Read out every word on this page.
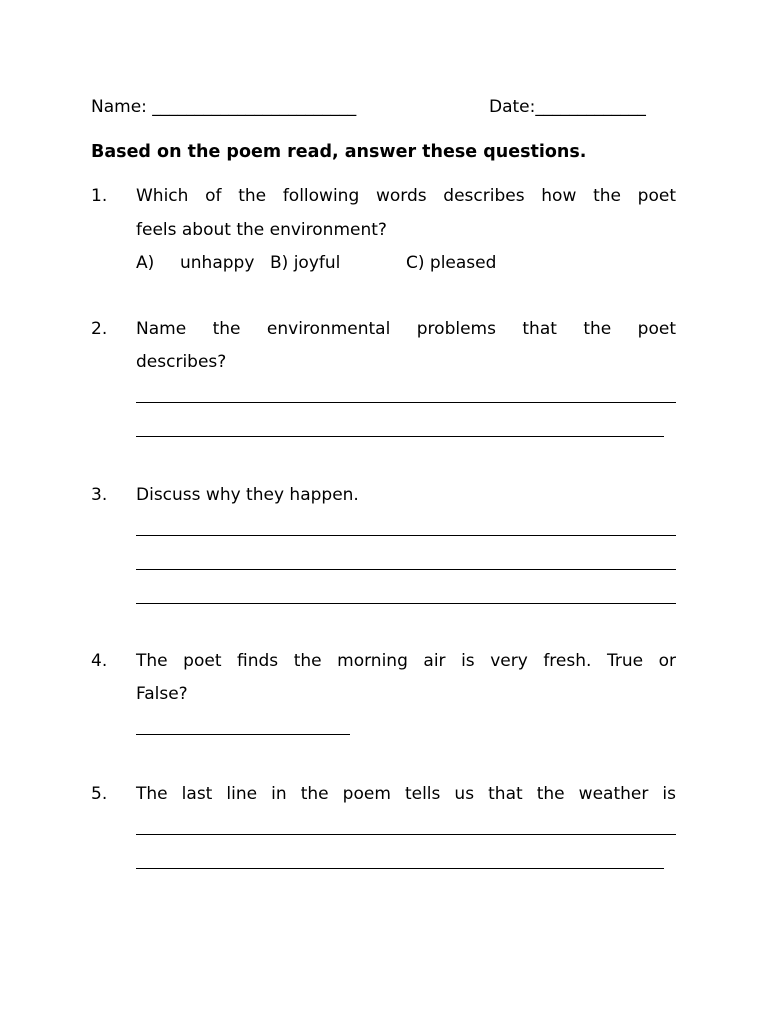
Name: ________________________	Date:_____________
Based on the poem read, answer these questions.
1. Which of the following words describes how the poet
feels about the environment?
A) unhappy B) joyful	C) pleased
2. Name the environmental problems that the poet
describes?
3. Discuss why they happen.
4. The poet finds the morning air is very fresh. True or
False?
5. The last line in the poem tells us that the weather is
